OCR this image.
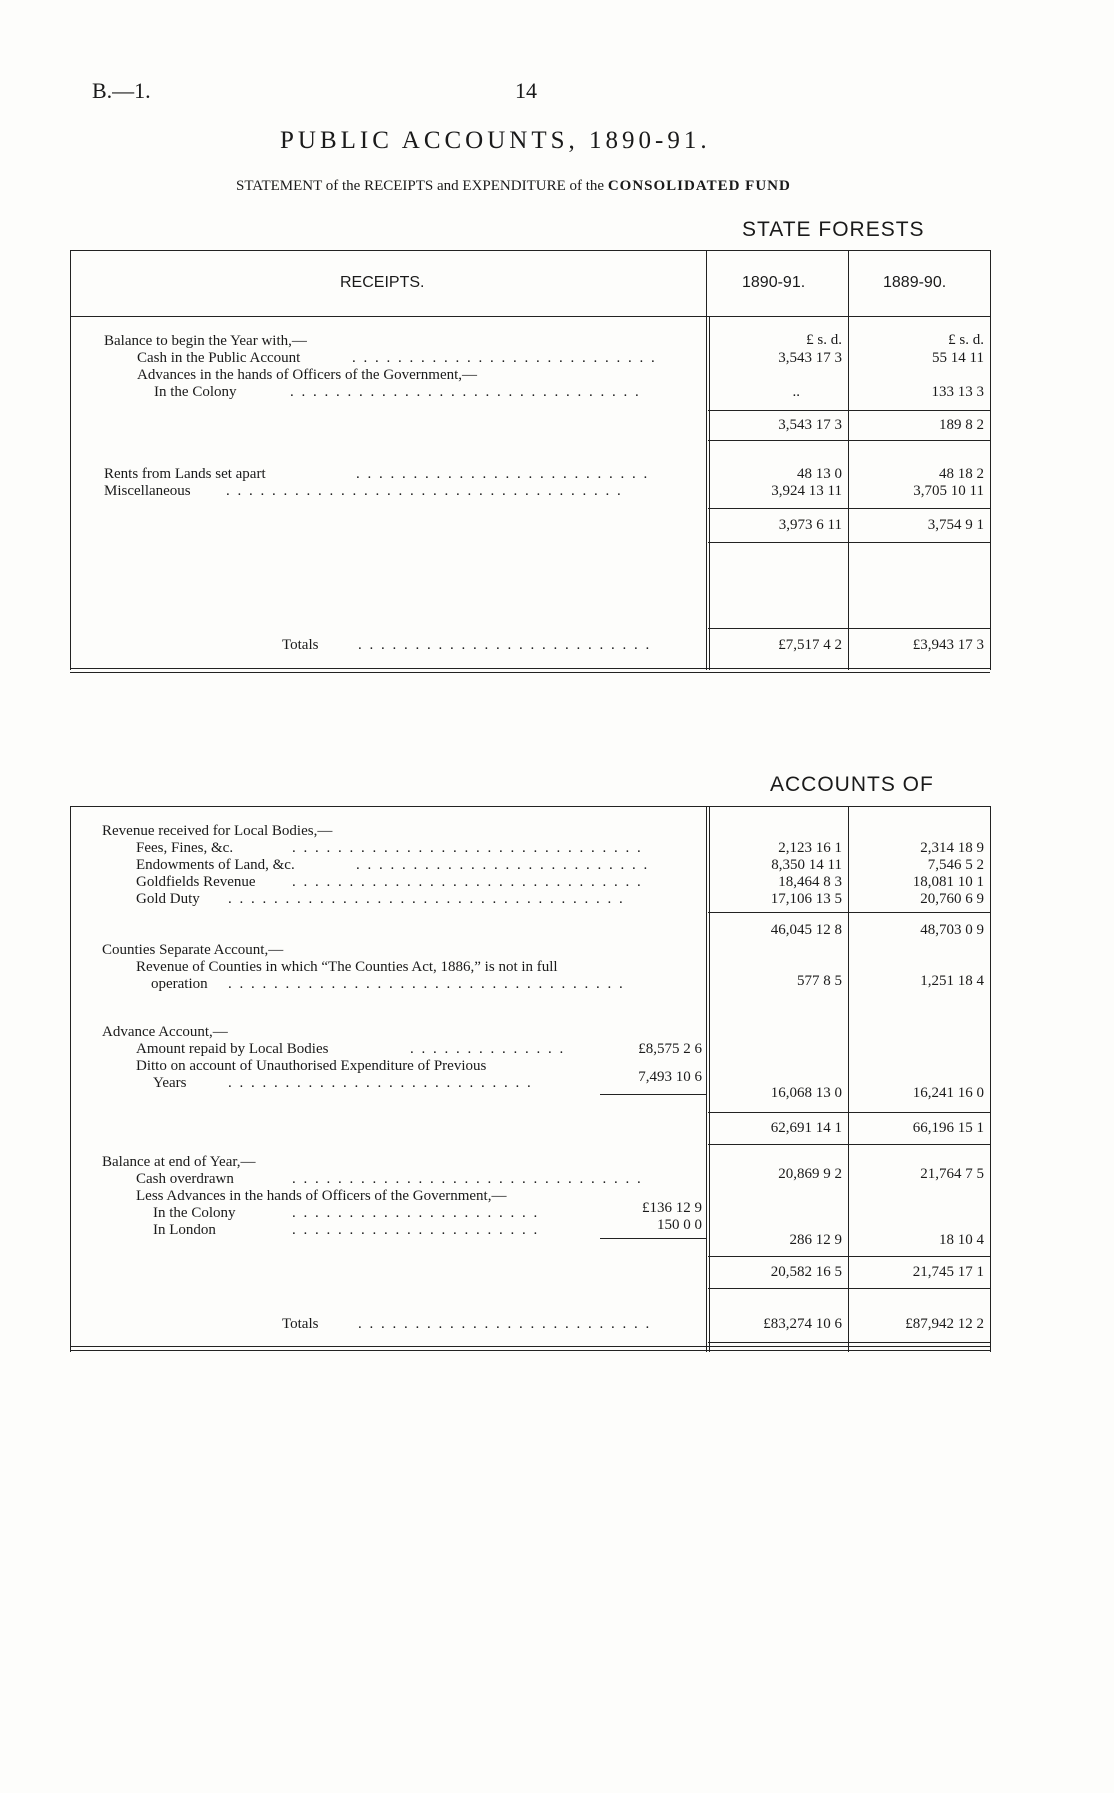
B.—1.	14
PUBLIC ACCOUNTS, 1890-91.
STATEMENT of the RECEIPTS and EXPENDITURE of the CONSOLIDATED FUND
STATE FORESTS
RECEIPTS.	1890-91.	1889-90.
£ s. d.	£ s. d.
Balance to begin the Year with,—
Cash in the Public Account	. . . . . . . . . . . . . . . . . . . . . . . . . . .	3,543 17 3	55 14 11
Advances in the hands of Officers of the Government,—
In the Colony	. . . . . . . . . . . . . . . . . . . . . . . . . . . . . . .	..	133 13 3
3,543 17 3	189 8 2
Rents from Lands set apart	. . . . . . . . . . . . . . . . . . . . . . . . . .	48 13 0	48 18 2
Miscellaneous . . . . . . . . . . . . . . . . . . . . . . . . . . . . . . . . . . .	3,924 13 11	3,705 10 11
3,973 6 11	3,754 9 1
Totals	. . . . . . . . . . . . . . . . . . . . . . . . . .	£7,517 4 2	£3,943 17 3
ACCOUNTS OF
Revenue received for Local Bodies,—
Fees, Fines, &c.	. . . . . . . . . . . . . . . . . . . . . . . . . . . . . . .	2,123 16 1	2,314 18 9
Endowments of Land, &c.	. . . . . . . . . . . . . . . . . . . . . . . . . .	8,350 14 11	7,546 5 2
Goldfields Revenue . . . . . . . . . . . . . . . . . . . . . . . . . . . . . . .	18,464 8 3	18,081 10 1
Gold Duty . . . . . . . . . . . . . . . . . . . . . . . . . . . . . . . . . . .	17,106 13 5	20,760 6 9
46,045 12 8	48,703 0 9
Counties Separate Account,—
Revenue of Counties in which “The Counties Act, 1886,” is not in full
operation . . . . . . . . . . . . . . . . . . . . . . . . . . . . . . . . . . .	577 8 5	1,251 18 4
Advance Account,—
Amount repaid by Local Bodies	. . . . . . . . . . . . . .	£8,575 2 6
Ditto on account of Unauthorised Expenditure of Previous
Years	. . . . . . . . . . . . . . . . . . . . . . . . . . .	7,493 10 6
16,068 13 0	16,241 16 0
62,691 14 1	66,196 15 1
Balance at end of Year,—
Cash overdrawn	. . . . . . . . . . . . . . . . . . . . . . . . . . . . . . .	20,869 9 2	21,764 7 5
Less Advances in the hands of Officers of the Government,—
In the Colony	. . . . . . . . . . . . . . . . . . . . . .	£136 12 9
In London	. . . . . . . . . . . . . . . . . . . . . .	150 0 0
286 12 9	18 10 4
20,582 16 5	21,745 17 1
Totals	. . . . . . . . . . . . . . . . . . . . . . . . . .	£83,274 10 6	£87,942 12 2
